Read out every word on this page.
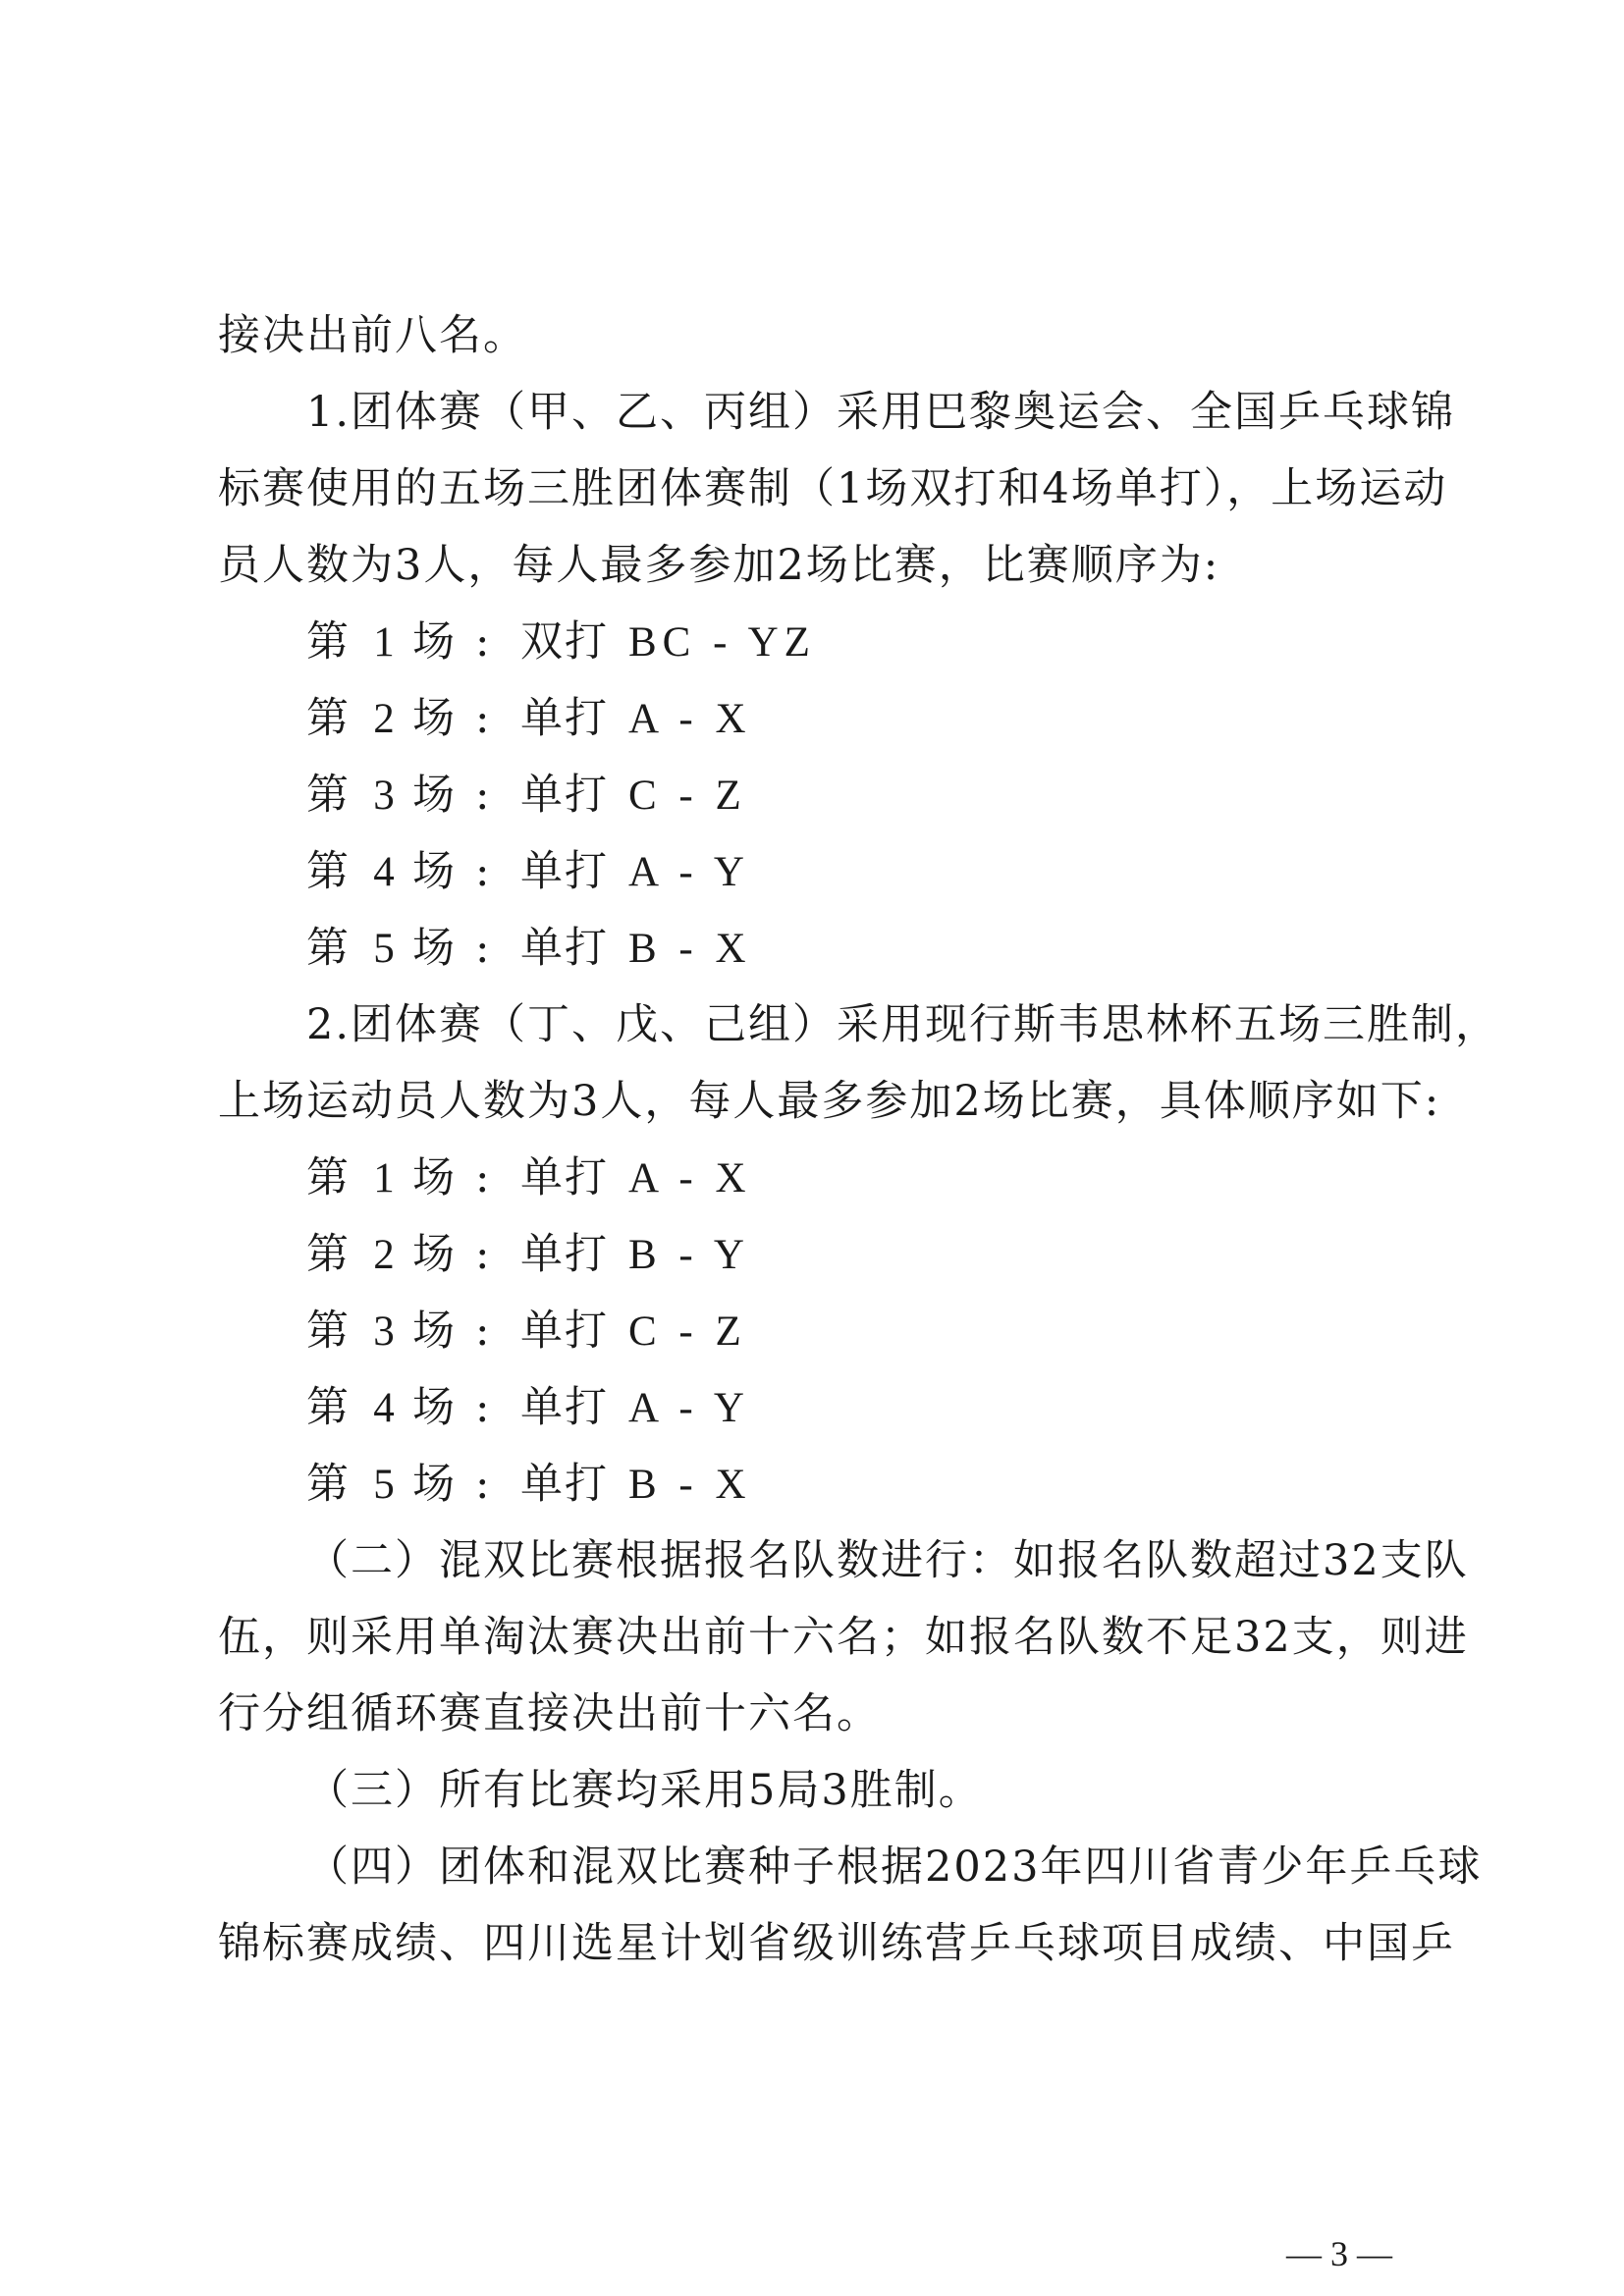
接决出前八名。
1.团体赛（甲、乙、丙组）采用巴黎奥运会、全国乒乓球锦
标赛使用的五场三胜团体赛制（1场双打和4场单打），上场运动
员人数为3人，每人最多参加2场比赛，比赛顺序为:
第 1 场 : 双打 BC - YZ
第 2 场 : 单打 A - X
第 3 场 : 单打 C - Z
第 4 场 : 单打 A - Y
第 5 场 : 单打 B - X
2.团体赛（丁、戊、己组）采用现行斯韦思林杯五场三胜制，
上场运动员人数为3人，每人最多参加2场比赛，具体顺序如下:
第 1 场 : 单打 A - X
第 2 场 : 单打 B - Y
第 3 场 : 单打 C - Z
第 4 场 : 单打 A - Y
第 5 场 : 单打 B - X
（二）混双比赛根据报名队数进行：如报名队数超过32支队
伍，则采用单淘汰赛决出前十六名；如报名队数不足32支，则进
行分组循环赛直接决出前十六名。
（三）所有比赛均采用5局3胜制。
（四）团体和混双比赛种子根据2023年四川省青少年乒乓球
锦标赛成绩、四川选星计划省级训练营乒乓球项目成绩、中国乒
— 3 —
